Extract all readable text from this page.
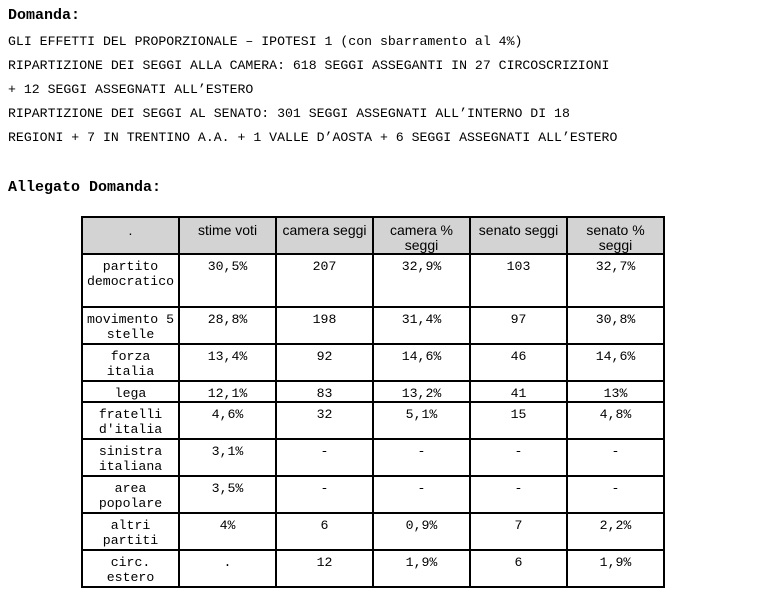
Domanda:
GLI EFFETTI DEL PROPORZIONALE – IPOTESI 1 (con sbarramento al 4%)
RIPARTIZIONE DEI SEGGI ALLA CAMERA: 618 SEGGI ASSEGANTI IN 27 CIRCOSCRIZIONI
+ 12 SEGGI ASSEGNATI ALL’ESTERO
RIPARTIZIONE DEI SEGGI AL SENATO: 301 SEGGI ASSEGNATI ALL’INTERNO DI 18
REGIONI + 7 IN TRENTINO A.A. + 1 VALLE D’AOSTA + 6 SEGGI ASSEGNATI ALL’ESTERO
Allegato Domanda:
.	stime voti	camera seggi	camera % seggi	senato seggi	senato % seggi
partito democratico	30,5%	207	32,9%	103	32,7%
movimento 5 stelle	28,8%	198	31,4%	97	30,8%
forza italia	13,4%	92	14,6%	46	14,6%
lega	12,1%	83	13,2%	41	13%
fratelli d'italia	4,6%	32	5,1%	15	4,8%
sinistra italiana	3,1%	-	-	-	-
area popolare	3,5%	-	-	-	-
altri partiti	4%	6	0,9%	7	2,2%
circ. estero	.	12	1,9%	6	1,9%
